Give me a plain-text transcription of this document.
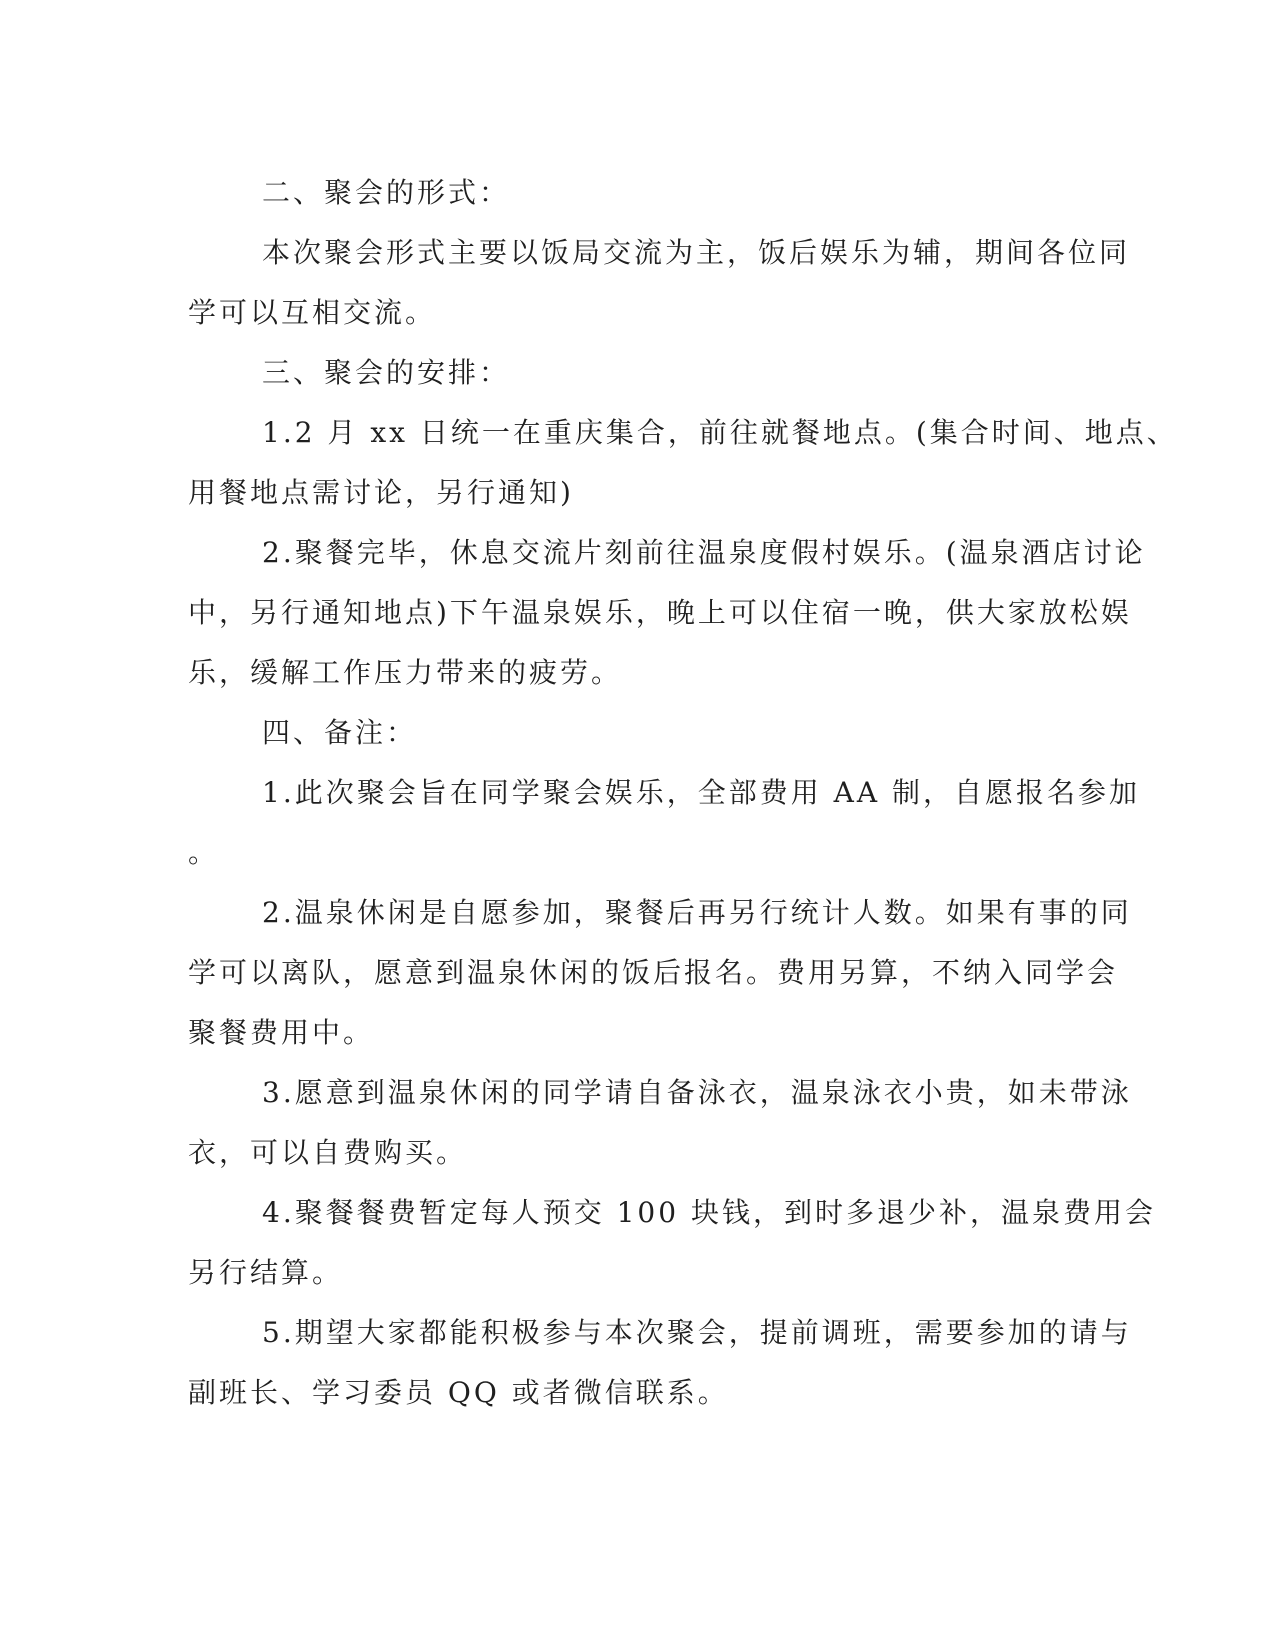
二、聚会的形式：

本次聚会形式主要以饭局交流为主，饭后娱乐为辅，期间各位同
学可以互相交流。

三、聚会的安排：

1.2 月 xx 日统一在重庆集合，前往就餐地点。(集合时间、地点、
用餐地点需讨论，另行通知)

2.聚餐完毕，休息交流片刻前往温泉度假村娱乐。(温泉酒店讨论
中，另行通知地点)下午温泉娱乐，晚上可以住宿一晚，供大家放松娱
乐，缓解工作压力带来的疲劳。

四、备注：

1.此次聚会旨在同学聚会娱乐，全部费用 AA 制，自愿报名参加
。

2.温泉休闲是自愿参加，聚餐后再另行统计人数。如果有事的同
学可以离队，愿意到温泉休闲的饭后报名。费用另算，不纳入同学会
聚餐费用中。

3.愿意到温泉休闲的同学请自备泳衣，温泉泳衣小贵，如未带泳
衣，可以自费购买。

4.聚餐餐费暂定每人预交 100 块钱，到时多退少补，温泉费用会
另行结算。

5.期望大家都能积极参与本次聚会，提前调班，需要参加的请与
副班长、学习委员 QQ 或者微信联系。
